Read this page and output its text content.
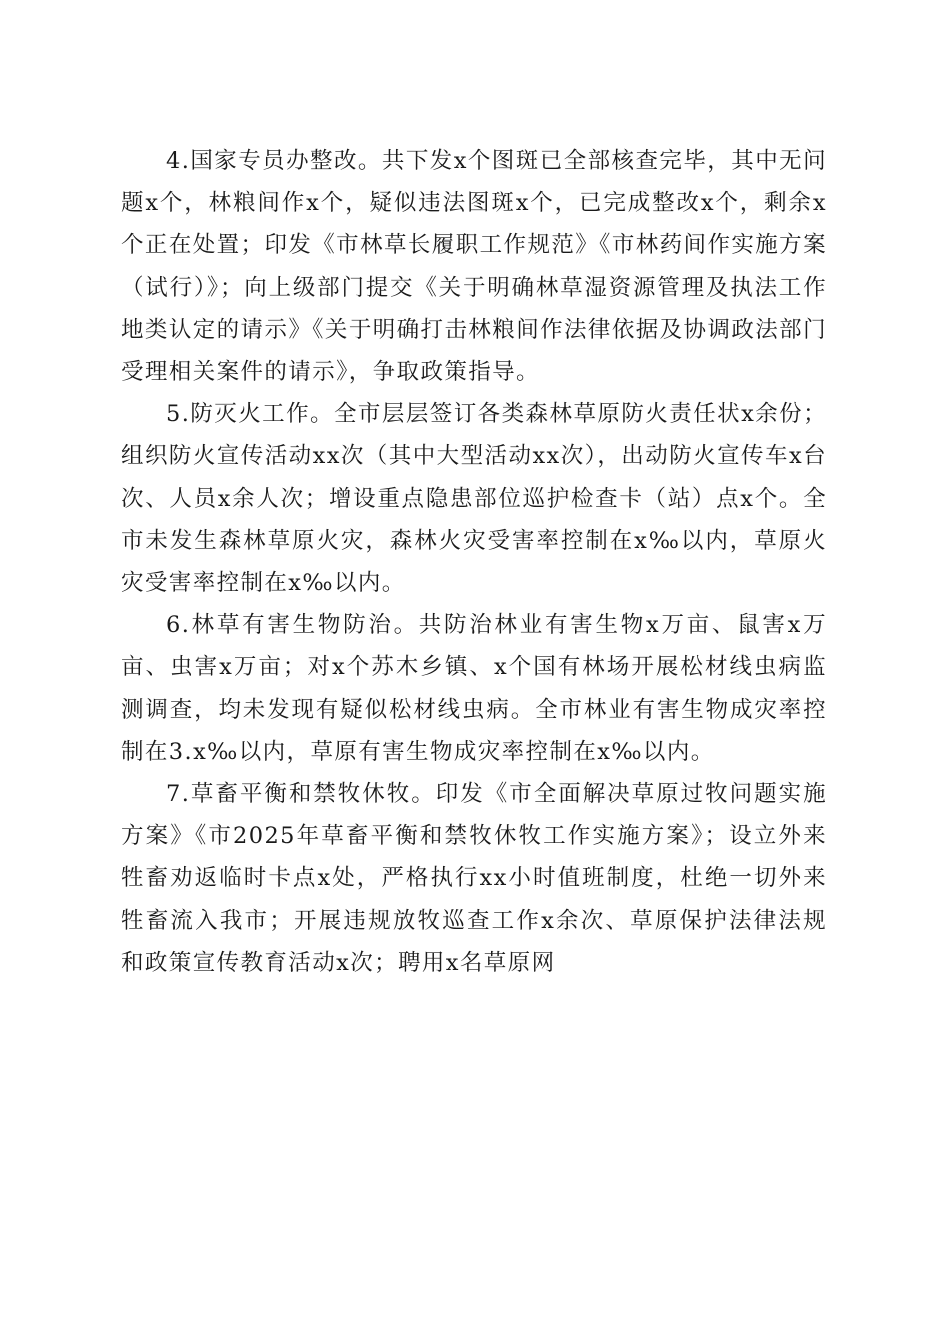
4.国家专员办整改。共下发x个图斑已全部核查完毕，其中无问题x个，林粮间作x个，疑似违法图斑x个，已完成整改x个，剩余x个正在处置；印发《市林草长履职工作规范》《市林药间作实施方案（试行）》；向上级部门提交《关于明确林草湿资源管理及执法工作地类认定的请示》《关于明确打击林粮间作法律依据及协调政法部门受理相关案件的请示》，争取政策指导。

5.防灭火工作。全市层层签订各类森林草原防火责任状x余份；组织防火宣传活动xx次（其中大型活动xx次），出动防火宣传车x台次、人员x余人次；增设重点隐患部位巡护检查卡（站）点x个。全市未发生森林草原火灾，森林火灾受害率控制在x‰以内，草原火灾受害率控制在x‰以内。

6.林草有害生物防治。共防治林业有害生物x万亩、鼠害x万亩、虫害x万亩；对x个苏木乡镇、x个国有林场开展松材线虫病监测调查，均未发现有疑似松材线虫病。全市林业有害生物成灾率控制在3.x‰以内，草原有害生物成灾率控制在x‰以内。

7.草畜平衡和禁牧休牧。印发《市全面解决草原过牧问题实施方案》《市2025年草畜平衡和禁牧休牧工作实施方案》；设立外来牲畜劝返临时卡点x处，严格执行xx小时值班制度，杜绝一切外来牲畜流入我市；开展违规放牧巡查工作x余次、草原保护法律法规和政策宣传教育活动x次；聘用x名草原网
